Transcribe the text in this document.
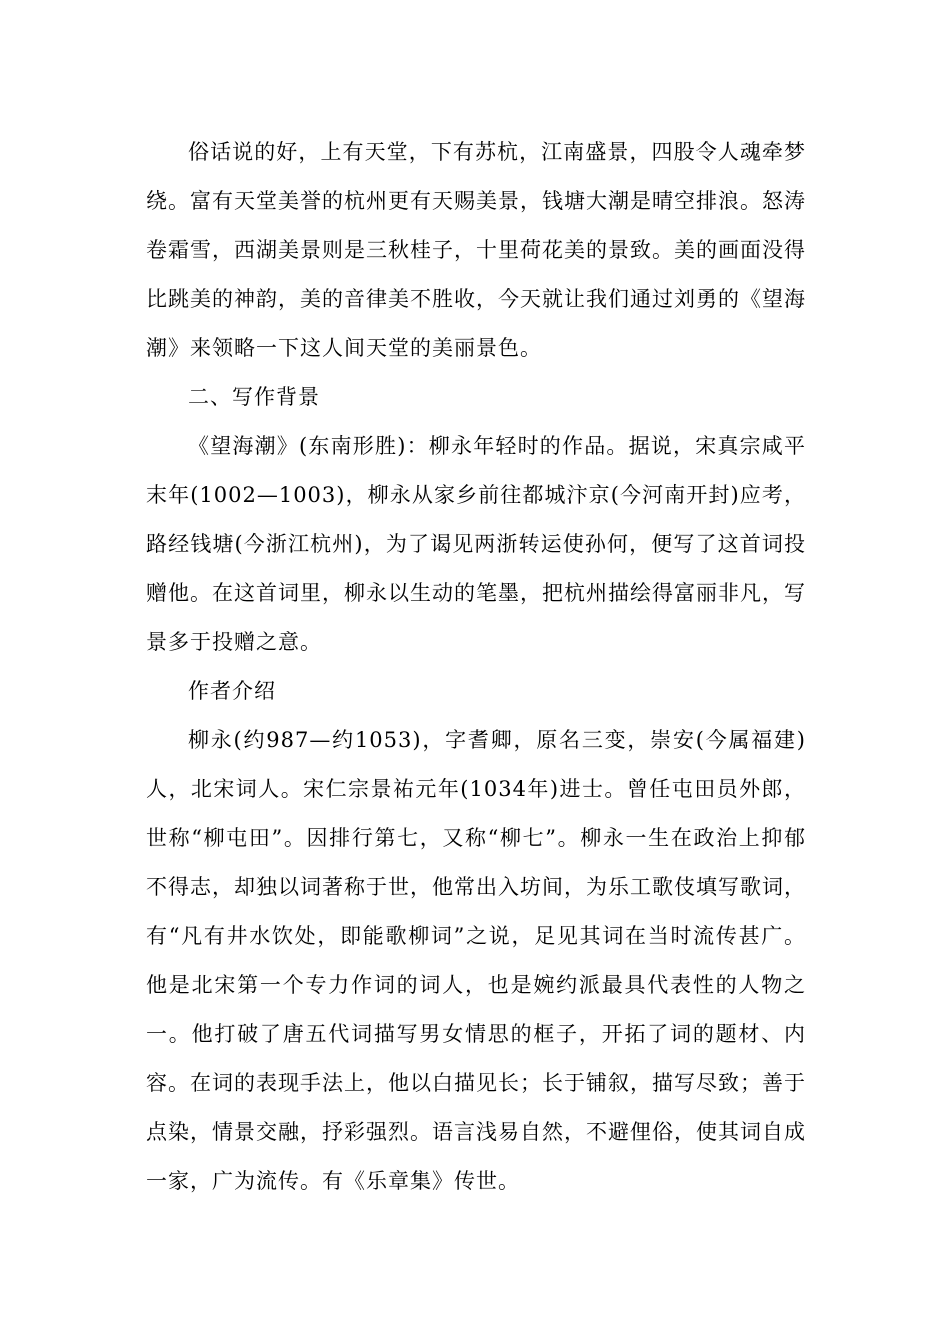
俗话说的好，上有天堂，下有苏杭，江南盛景，四股令人魂牵梦绕。富有天堂美誉的杭州更有天赐美景，钱塘大潮是晴空排浪。怒涛卷霜雪，西湖美景则是三秋桂子，十里荷花美的景致。美的画面没得比跳美的神韵，美的音律美不胜收，今天就让我们通过刘勇的《望海潮》来领略一下这人间天堂的美丽景色。

二、写作背景

《望海潮》(东南形胜)：柳永年轻时的作品。据说，宋真宗咸平末年(1002—1003)，柳永从家乡前往都城汴京(今河南开封)应考，路经钱塘(今浙江杭州)，为了谒见两浙转运使孙何，便写了这首词投赠他。在这首词里，柳永以生动的笔墨，把杭州描绘得富丽非凡，写景多于投赠之意。

作者介绍

柳永(约987—约1053)，字耆卿，原名三变，崇安(今属福建)人，北宋词人。宋仁宗景祐元年(1034年)进士。曾任屯田员外郎，世称“柳屯田”。因排行第七，又称“柳七”。柳永一生在政治上抑郁不得志，却独以词著称于世，他常出入坊间，为乐工歌伎填写歌词，有“凡有井水饮处，即能歌柳词”之说，足见其词在当时流传甚广。他是北宋第一个专力作词的词人，也是婉约派最具代表性的人物之一。他打破了唐五代词描写男女情思的框子，开拓了词的题材、内容。在词的表现手法上，他以白描见长；长于铺叙，描写尽致；善于点染，情景交融，抒彩强烈。语言浅易自然，不避俚俗，使其词自成一家，广为流传。有《乐章集》传世。
